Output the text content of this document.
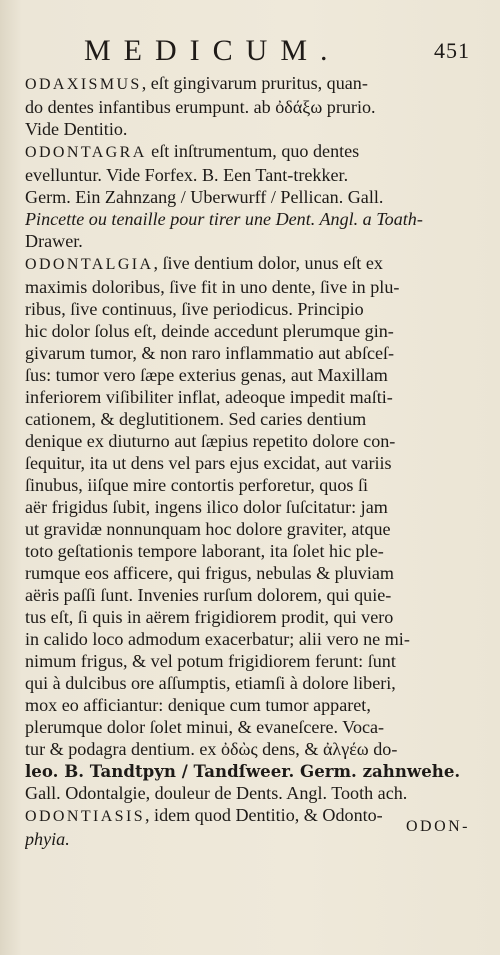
MEDICUM.	451
ODAXISMUS, eſt gingivarum pruritus, quan-
do dentes infantibus erumpunt. ab ὀδάξω prurio.
Vide Dentitio.
ODONTAGRA eſt inſtrumentum, quo dentes
evelluntur. Vide Forfex. B. Een Tant-trekker.
Germ. Ein Zahnzang / Uberwurff / Pellican. Gall.
Pincette ou tenaille pour tirer une Dent. Angl. a Toath-
Drawer.
ODONTALGIA, ſive dentium dolor, unus eſt ex
maximis doloribus, ſive fit in uno dente, ſive in plu-
ribus, ſive continuus, ſive periodicus. Principio
hic dolor ſolus eſt, deinde accedunt plerumque gin-
givarum tumor, & non raro inflammatio aut abſceſ-
ſus: tumor vero ſæpe exterius genas, aut Maxillam
inferiorem viſibiliter inflat, adeoque impedit maſti-
cationem, & deglutitionem. Sed caries dentium
denique ex diuturno aut ſæpius repetito dolore con-
ſequitur, ita ut dens vel pars ejus excidat, aut variis
ſinubus, iiſque mire contortis perforetur, quos ſi
aër frigidus ſubit, ingens ilico dolor ſuſcitatur: jam
ut gravidæ nonnunquam hoc dolore graviter, atque
toto geſtationis tempore laborant, ita ſolet hic ple-
rumque eos afficere, qui frigus, nebulas & pluviam
aëris paſſi ſunt. Invenies rurſum dolorem, qui quie-
tus eſt, ſi quis in aërem frigidiorem prodit, qui vero
in calido loco admodum exacerbatur; alii vero ne mi-
nimum frigus, & vel potum frigidiorem ferunt: ſunt
qui à dulcibus ore aſſumptis, etiamſi à dolore liberi,
mox eo afficiantur: denique cum tumor apparet,
plerumque dolor ſolet minui, & evaneſcere. Voca-
tur & podagra dentium. ex ὀδὼς dens, & ἀλγέω do-
leo. B. Tandtpyn / Tandſweer. Germ. zahnwehe.
Gall. Odontalgie, douleur de Dents. Angl. Tooth ach.
ODONTIASIS, idem quod Dentitio, & Odonto-
phyia.
ODON-
